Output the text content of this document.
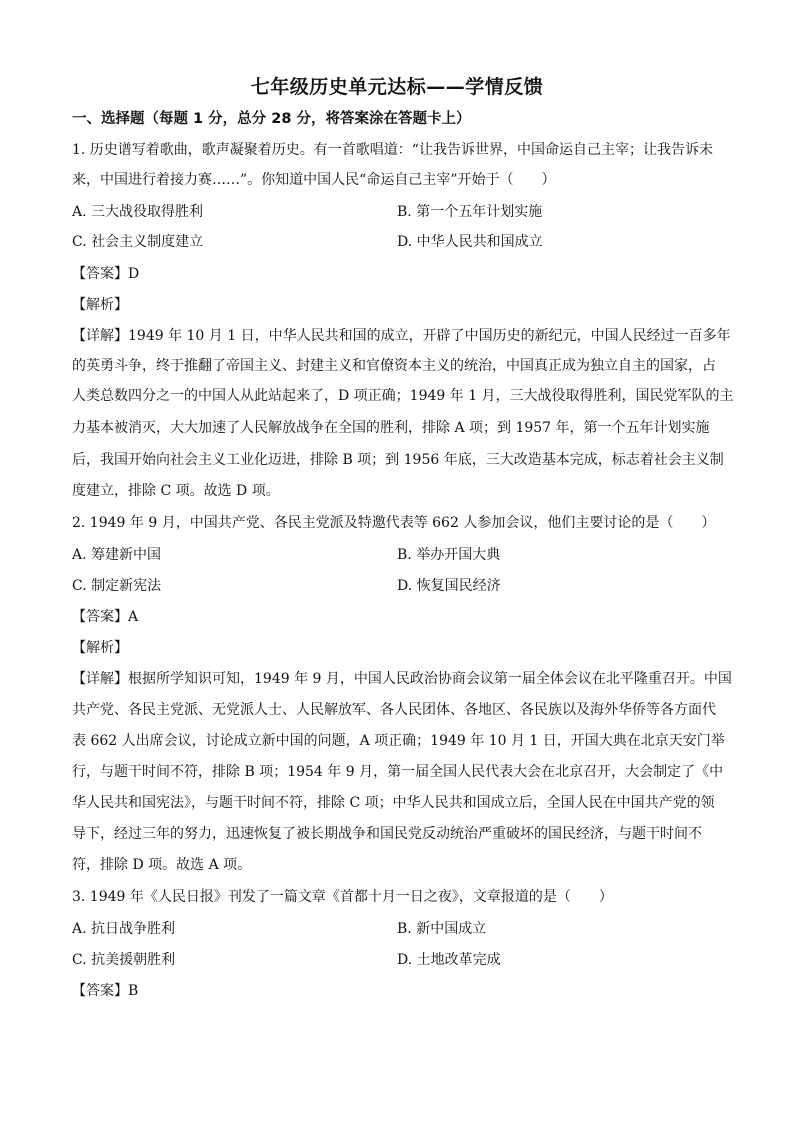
七年级历史单元达标——学情反馈
一、选择题（每题 1 分，总分 28 分，将答案涂在答题卡上）
1. 历史谱写着歌曲，歌声凝聚着历史。有一首歌唱道：“让我告诉世界，中国命运自己主宰；让我告诉未
来，中国进行着接力赛……”。你知道中国人民“命运自己主宰”开始于（　　）
A. 三大战役取得胜利	B. 第一个五年计划实施
C. 社会主义制度建立	D. 中华人民共和国成立
【答案】D
【解析】
【详解】1949 年 10 月 1 日，中华人民共和国的成立，开辟了中国历史的新纪元，中国人民经过一百多年
的英勇斗争，终于推翻了帝国主义、封建主义和官僚资本主义的统治，中国真正成为独立自主的国家，占
人类总数四分之一的中国人从此站起来了，D 项正确；1949 年 1 月，三大战役取得胜利，国民党军队的主
力基本被消灭，大大加速了人民解放战争在全国的胜利，排除 A 项；到 1957 年，第一个五年计划实施
后，我国开始向社会主义工业化迈进，排除 B 项；到 1956 年底，三大改造基本完成，标志着社会主义制
度建立，排除 C 项。故选 D 项。
2. 1949 年 9 月，中国共产党、各民主党派及特邀代表等 662 人参加会议，他们主要讨论的是（　　）
A. 筹建新中国	B. 举办开国大典
C. 制定新宪法	D. 恢复国民经济
【答案】A
【解析】
【详解】根据所学知识可知，1949 年 9 月，中国人民政治协商会议第一届全体会议在北平隆重召开。中国
共产党、各民主党派、无党派人士、人民解放军、各人民团体、各地区、各民族以及海外华侨等各方面代
表 662 人出席会议，讨论成立新中国的问题，A 项正确；1949 年 10 月 1 日，开国大典在北京天安门举
行，与题干时间不符，排除 B 项；1954 年 9 月，第一届全国人民代表大会在北京召开，大会制定了《中
华人民共和国宪法》，与题干时间不符，排除 C 项；中华人民共和国成立后，全国人民在中国共产党的领
导下，经过三年的努力，迅速恢复了被长期战争和国民党反动统治严重破坏的国民经济，与题干时间不
符，排除 D 项。故选 A 项。
3. 1949 年《人民日报》刊发了一篇文章《首都十月一日之夜》，文章报道的是（　　）
A. 抗日战争胜利	B. 新中国成立
C. 抗美援朝胜利	D. 土地改革完成
【答案】B
